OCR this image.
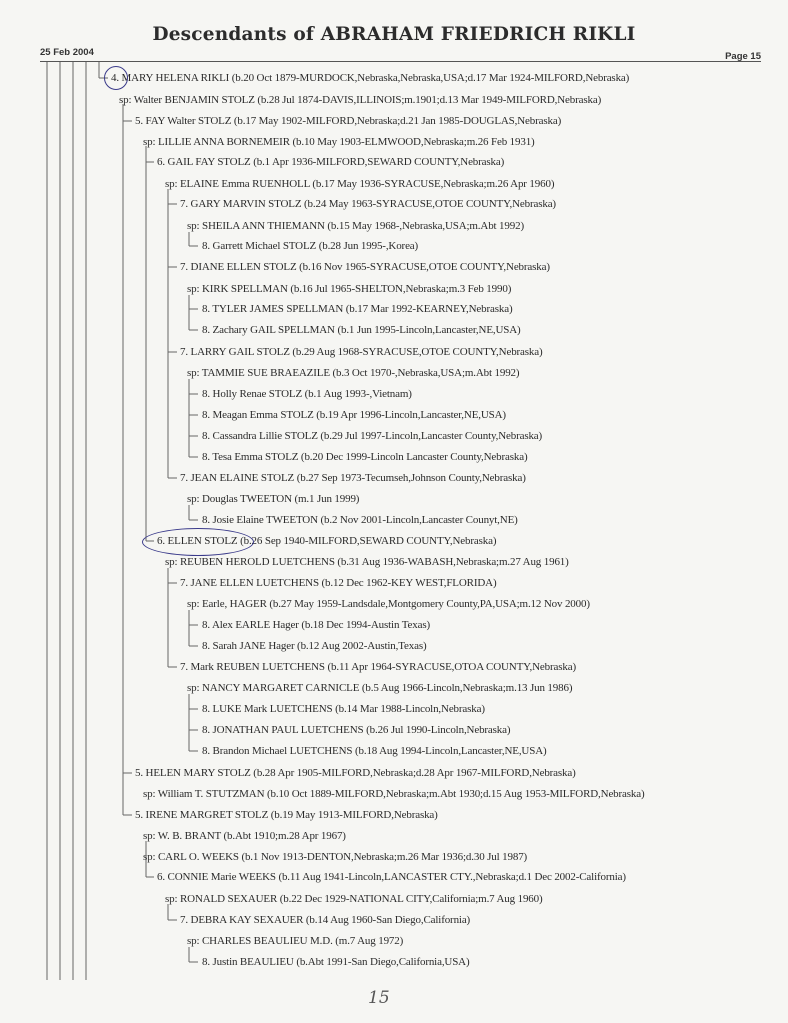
Descendants of ABRAHAM FRIEDRICH RIKLI
25 Feb 2004	Page 15
4. MARY HELENA RIKLI (b.20 Oct 1879-MURDOCK,Nebraska,Nebraska,USA;d.17 Mar 1924-MILFORD,Nebraska)
sp: Walter BENJAMIN STOLZ (b.28 Jul 1874-DAVIS,ILLINOIS;m.1901;d.13 Mar 1949-MILFORD,Nebraska)
5. FAY Walter STOLZ (b.17 May 1902-MILFORD,Nebraska;d.21 Jan 1985-DOUGLAS,Nebraska)
sp: LILLIE ANNA BORNEMEIR (b.10 May 1903-ELMWOOD,Nebraska;m.26 Feb 1931)
6. GAIL FAY STOLZ (b.1 Apr 1936-MILFORD,SEWARD COUNTY,Nebraska)
sp: ELAINE Emma RUENHOLL (b.17 May 1936-SYRACUSE,Nebraska;m.26 Apr 1960)
7. GARY MARVIN STOLZ (b.24 May 1963-SYRACUSE,OTOE COUNTY,Nebraska)
sp: SHEILA ANN THIEMANN (b.15 May 1968-,Nebraska,USA;m.Abt 1992)
8. Garrett Michael STOLZ (b.28 Jun 1995-,Korea)
7. DIANE ELLEN STOLZ (b.16 Nov 1965-SYRACUSE,OTOE COUNTY,Nebraska)
sp: KIRK SPELLMAN (b.16 Jul 1965-SHELTON,Nebraska;m.3 Feb 1990)
8. TYLER JAMES SPELLMAN (b.17 Mar 1992-KEARNEY,Nebraska)
8. Zachary GAIL SPELLMAN (b.1 Jun 1995-Lincoln,Lancaster,NE,USA)
7. LARRY GAIL STOLZ (b.29 Aug 1968-SYRACUSE,OTOE COUNTY,Nebraska)
sp: TAMMIE SUE BRAEAZILE (b.3 Oct 1970-,Nebraska,USA;m.Abt 1992)
8. Holly Renae STOLZ (b.1 Aug 1993-,Vietnam)
8. Meagan Emma STOLZ (b.19 Apr 1996-Lincoln,Lancaster,NE,USA)
8. Cassandra Lillie STOLZ (b.29 Jul 1997-Lincoln,Lancaster County,Nebraska)
8. Tesa Emma STOLZ (b.20 Dec 1999-Lincoln Lancaster County,Nebraska)
7. JEAN ELAINE STOLZ (b.27 Sep 1973-Tecumseh,Johnson County,Nebraska)
sp: Douglas TWEETON (m.1 Jun 1999)
8. Josie Elaine TWEETON (b.2 Nov 2001-Lincoln,Lancaster Counyt,NE)
6. ELLEN STOLZ (b.26 Sep 1940-MILFORD,SEWARD COUNTY,Nebraska)
sp: REUBEN HEROLD LUETCHENS (b.31 Aug 1936-WABASH,Nebraska;m.27 Aug 1961)
7. JANE ELLEN LUETCHENS (b.12 Dec 1962-KEY WEST,FLORIDA)
sp: Earle, HAGER (b.27 May 1959-Landsdale,Montgomery County,PA,USA;m.12 Nov 2000)
8. Alex EARLE Hager (b.18 Dec 1994-Austin Texas)
8. Sarah JANE Hager (b.12 Aug 2002-Austin,Texas)
7. Mark REUBEN LUETCHENS (b.11 Apr 1964-SYRACUSE,OTOA COUNTY,Nebraska)
sp: NANCY MARGARET CARNICLE (b.5 Aug 1966-Lincoln,Nebraska;m.13 Jun 1986)
8. LUKE Mark LUETCHENS (b.14 Mar 1988-Lincoln,Nebraska)
8. JONATHAN PAUL LUETCHENS (b.26 Jul 1990-Lincoln,Nebraska)
8. Brandon Michael LUETCHENS (b.18 Aug 1994-Lincoln,Lancaster,NE,USA)
5. HELEN MARY STOLZ (b.28 Apr 1905-MILFORD,Nebraska;d.28 Apr 1967-MILFORD,Nebraska)
sp: William T. STUTZMAN (b.10 Oct 1889-MILFORD,Nebraska;m.Abt 1930;d.15 Aug 1953-MILFORD,Nebraska)
5. IRENE MARGRET STOLZ (b.19 May 1913-MILFORD,Nebraska)
sp: W. B. BRANT (b.Abt 1910;m.28 Apr 1967)
sp: CARL O. WEEKS (b.1 Nov 1913-DENTON,Nebraska;m.26 Mar 1936;d.30 Jul 1987)
6. CONNIE Marie WEEKS (b.11 Aug 1941-Lincoln,LANCASTER CTY.,Nebraska;d.1 Dec 2002-California)
sp: RONALD SEXAUER (b.22 Dec 1929-NATIONAL CITY,California;m.7 Aug 1960)
7. DEBRA KAY SEXAUER (b.14 Aug 1960-San Diego,California)
sp: CHARLES BEAULIEU M.D. (m.7 Aug 1972)
8. Justin BEAULIEU (b.Abt 1991-San Diego,California,USA)
15
